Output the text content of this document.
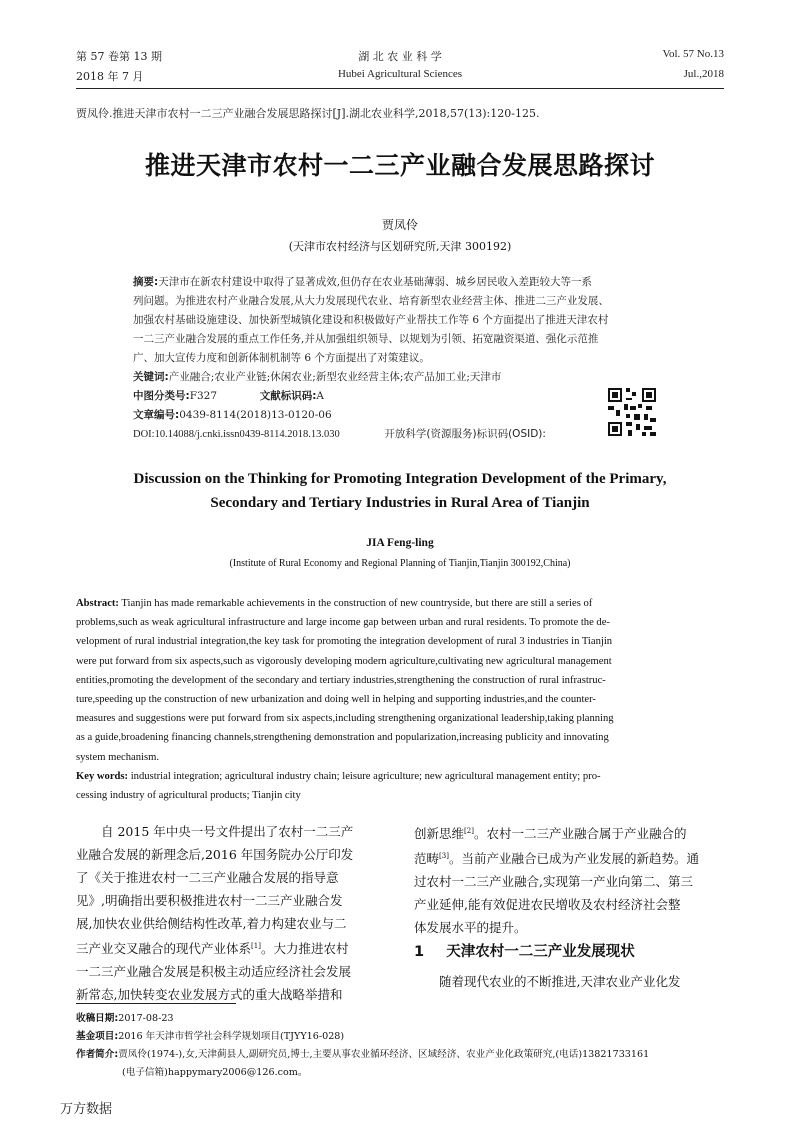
第 57 卷第 13 期
2018 年 7 月
湖 北 农 业 科 学
Hubei Agricultural Sciences
Vol. 57 No.13
Jul.,2018
贾凤伶.推进天津市农村一二三产业融合发展思路探讨[J].湖北农业科学,2018,57(13):120-125.
推进天津市农村一二三产业融合发展思路探讨
贾凤伶
(天津市农村经济与区划研究所,天津 300192)
摘要:天津市在新农村建设中取得了显著成效,但仍存在农业基础薄弱、城乡居民收入差距较大等一系
列问题。为推进农村产业融合发展,从大力发展现代农业、培育新型农业经营主体、推进二三产业发展、
加强农村基础设施建设、加快新型城镇化建设和积极做好产业帮扶工作等 6 个方面提出了推进天津农村
一二三产业融合发展的重点工作任务,并从加强组织领导、以规划为引领、拓宽融资渠道、强化示范推
广、加大宣传力度和创新体制机制等 6 个方面提出了对策建议。
关键词:产业融合;农业产业链;休闲农业;新型农业经营主体;农产品加工业;天津市
中图分类号:F327	文献标识码:A
文章编号:0439-8114(2018)13-0120-06
DOI:10.14088/j.cnki.issn0439-8114.2018.13.030	开放科学(资源服务)标识码(OSID):
Discussion on the Thinking for Promoting Integration Development of the Primary,
Secondary and Tertiary Industries in Rural Area of Tianjin
JIA Feng-ling
(Institute of Rural Economy and Regional Planning of Tianjin,Tianjin 300192,China)
Abstract: Tianjin has made remarkable achievements in the construction of new countryside, but there are still a series of
problems,such as weak agricultural infrastructure and large income gap between urban and rural residents. To promote the de-
velopment of rural industrial integration,the key task for promoting the integration development of rural 3 industries in Tianjin
were put forward from six aspects,such as vigorously developing modern agriculture,cultivating new agricultural management
entities,promoting the development of the secondary and tertiary industries,strengthening the construction of rural infrastruc-
ture,speeding up the construction of new urbanization and doing well in helping and supporting industries,and the counter-
measures and suggestions were put forward from six aspects,including strengthening organizational leadership,taking planning
as a guide,broadening financing channels,strengthening demonstration and popularization,increasing publicity and innovating
system mechanism.
Key words: industrial integration; agricultural industry chain; leisure agriculture; new agricultural management entity; pro-
cessing industry of agricultural products; Tianjin city

自 2015 年中央一号文件提出了农村一二三产

业融合发展的新理念后,2016 年国务院办公厅印发

了《关于推进农村一二三产业融合发展的指导意

见》,明确指出要积极推进农村一二三产业融合发

展,加快农业供给侧结构性改革,着力构建农业与二

三产业交叉融合的现代产业体系[1]。大力推进农村

一二三产业融合发展是积极主动适应经济社会发展

新常态,加快转变农业发展方式的重大战略举措和

创新思维[2]。农村一二三产业融合属于产业融合的

范畴[3]。当前产业融合已成为产业发展的新趋势。通

过农村一二三产业融合,实现第一产业向第二、第三

产业延伸,能有效促进农民增收及农村经济社会整

体发展水平的提升。

1 天津农村一二三产业发展现状

随着现代农业的不断推进,天津农业产业化发

收稿日期:2017-08-23
基金项目:2016 年天津市哲学社会科学规划项目(TJYY16-028)
作者简介:贾凤伶(1974-),女,天津蓟县人,副研究员,博士,主要从事农业循环经济、区域经济、农业产业化政策研究,(电话)13821733161
(电子信箱)happymary2006@126.com。
万方数据
